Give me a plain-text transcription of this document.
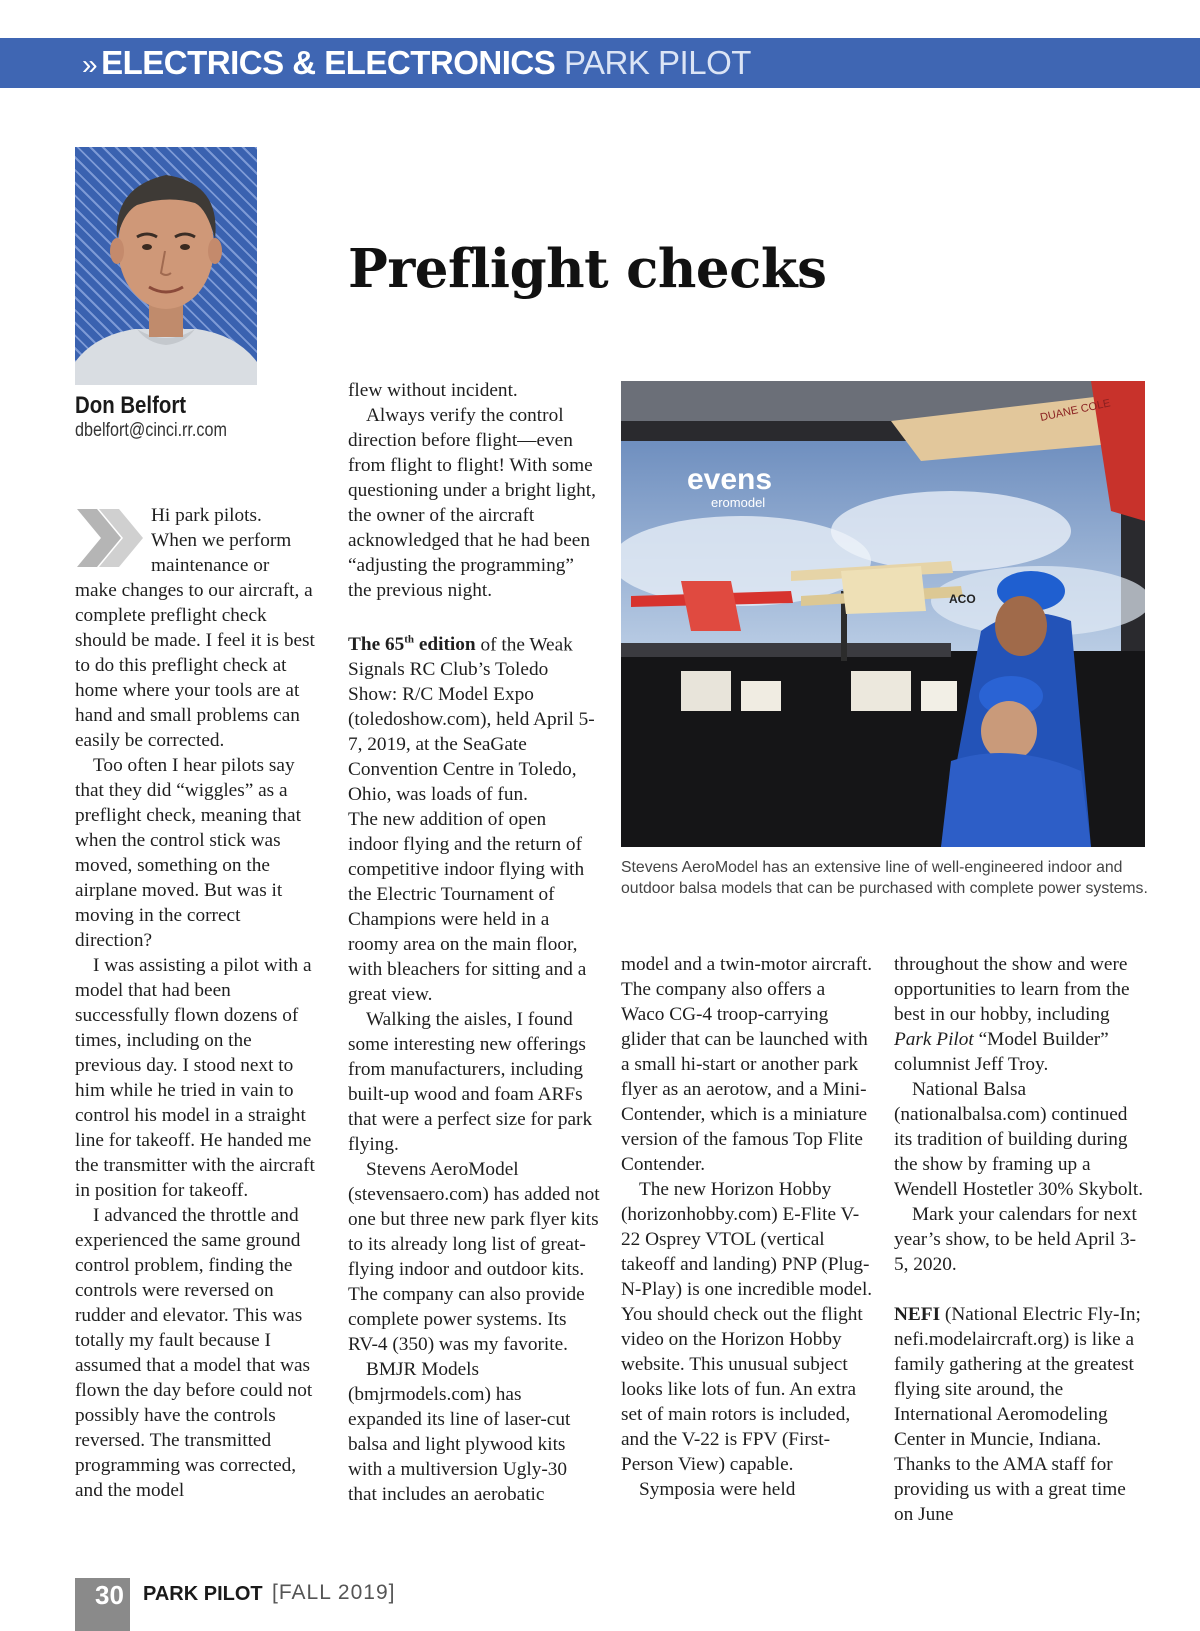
» ELECTRICS & ELECTRONICS PARK PILOT
Don Belfort
dbelfort@cinci.rr.com
Preflight checks

Hi park pilots.

When we perform

maintenance or

make changes to our aircraft, a complete preflight check should be made. I feel it is best to do this preflight check at home where your tools are at hand and small problems can easily be corrected.

Too often I hear pilots say that they did “wiggles” as a preflight check, meaning that when the control stick was moved, something on the airplane moved. But was it moving in the correct direction?

I was assisting a pilot with a model that had been successfully flown dozens of times, including on the previous day. I stood next to him while he tried in vain to control his model in a straight line for takeoff. He handed me the transmitter with the aircraft in position for takeoff.

I advanced the throttle and experienced the same ground control problem, finding the controls were reversed on rudder and elevator. This was totally my fault because I assumed that a model that was flown the day before could not possibly have the controls reversed. The transmitted programming was corrected, and the model

flew without incident.

Always verify the control direction before flight—even from flight to flight! With some questioning under a bright light, the owner of the aircraft acknowledged that he had been “adjusting the programming” the previous night.

The 65th edition of the Weak Signals RC Club’s Toledo Show: R/C Model Expo (toledoshow.com), held April 5-7, 2019, at the SeaGate Convention Centre in Toledo, Ohio, was loads of fun.

The new addition of open indoor flying and the return of competitive indoor flying with the Electric Tournament of Champions were held in a roomy area on the main floor, with bleachers for sitting and a great view.

Walking the aisles, I found some interesting new offerings from manufacturers, including built-up wood and foam ARFs that were a perfect size for park flying.

Stevens AeroModel (stevensaero.com) has added not one but three new park flyer kits to its already long list of great-flying indoor and outdoor kits. The company can also provide complete power systems. Its RV-4 (350) was my favorite.

BMJR Models (bmjrmodels.com) has expanded its line of laser-cut balsa and light plywood kits with a multiversion Ugly-30 that includes an aerobatic

evens
eromodel
ACO
DUANE COLE
Stevens AeroModel has an extensive line of well-engineered indoor and outdoor balsa models that can be purchased with complete power systems.

model and a twin-motor aircraft. The company also offers a Waco CG-4 troop-carrying glider that can be launched with a small hi-start or another park flyer as an aerotow, and a Mini-Contender, which is a miniature version of the famous Top Flite Contender.

The new Horizon Hobby (horizonhobby.com) E-Flite V-22 Osprey VTOL (vertical takeoff and landing) PNP (Plug-N-Play) is one incredible model. You should check out the flight video on the Horizon Hobby website. This unusual subject looks like lots of fun. An extra set of main rotors is included, and the V-22 is FPV (First-Person View) capable.

Symposia were held

throughout the show and were opportunities to learn from the best in our hobby, including Park Pilot “Model Builder” columnist Jeff Troy.

National Balsa (nationalbalsa.com) continued its tradition of building during the show by framing up a Wendell Hostetler 30% Skybolt.

Mark your calendars for next year’s show, to be held April 3-5, 2020.

NEFI (National Electric Fly-In; nefi.modelaircraft.org) is like a family gathering at the greatest flying site around, the International Aeromodeling Center in Muncie, Indiana. Thanks to the AMA staff for providing us with a great time on June

30 PARK PILOT [FALL 2019]
